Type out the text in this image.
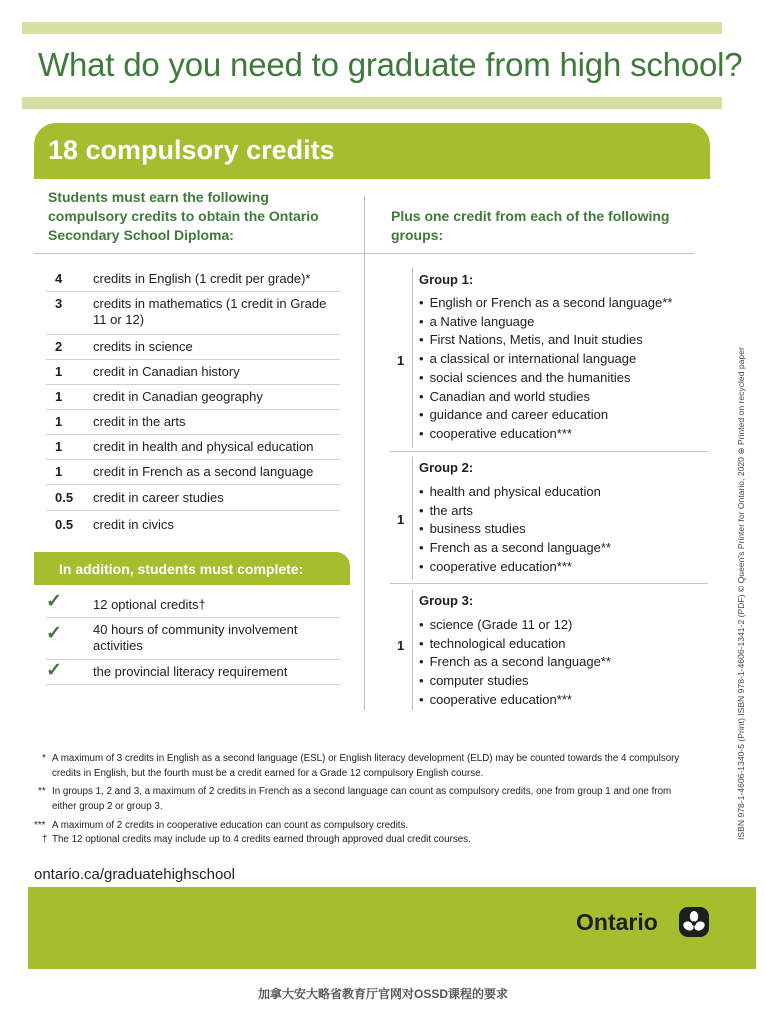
What do you need to graduate from high school?
18 compulsory credits
Students must earn the following compulsory credits to obtain the Ontario Secondary School Diploma:
Plus one credit from each of the following groups:
4 credits in English (1 credit per grade)*
3 credits in mathematics (1 credit in Grade 11 or 12)
2 credits in science
1 credit in Canadian history
1 credit in Canadian geography
1 credit in the arts
1 credit in health and physical education
1 credit in French as a second language
0.5 credit in career studies
0.5 credit in civics
In addition, students must complete:
✓ 12 optional credits†
✓ 40 hours of community involvement activities
✓ the provincial literacy requirement
Group 1:
1
• English or French as a second language**
• a Native language
• First Nations, Metis, and Inuit studies
• a classical or international language
• social sciences and the humanities
• Canadian and world studies
• guidance and career education
• cooperative education***
Group 2:
1
• health and physical education
• the arts
• business studies
• French as a second language**
• cooperative education***
Group 3:
1
• science (Grade 11 or 12)
• technological education
• French as a second language**
• computer studies
• cooperative education***
* A maximum of 3 credits in English as a second language (ESL) or English literacy development (ELD) may be counted towards the 4 compulsory credits in English, but the fourth must be a credit earned for a Grade 12 compulsory English course.
** In groups 1, 2 and 3, a maximum of 2 credits in French as a second language can count as compulsory credits, one from group 1 and one from either group 2 or group 3.
*** A maximum of 2 credits in cooperative education can count as compulsory credits.
† The 12 optional credits may include up to 4 credits earned through approved dual credit courses.
ontario.ca/graduatehighschool
Ontario
ISBN 978-1-4606-1340-5 (Print) ISBN 978-1-4606-1341-2 (PDF) © Queen's Printer for Ontario, 2020 ⊕ Printed on recycled paper
加拿大安大略省教育厅官网对OSSD课程的要求
